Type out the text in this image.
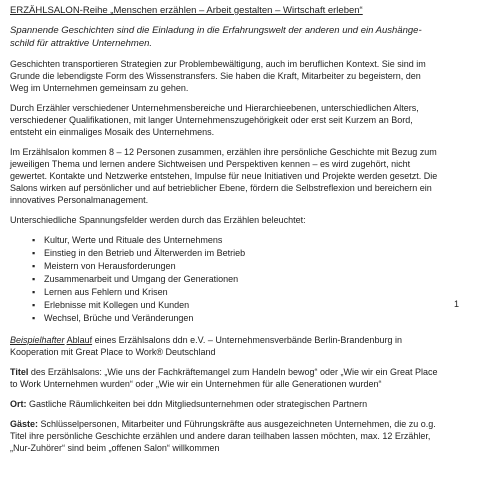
ERZÄHLSALON-Reihe „Menschen erzählen – Arbeit gestalten – Wirtschaft erleben“
Spannende Geschichten sind die Einladung in die Erfahrungswelt der anderen und ein Aushänge-schild für attraktive Unternehmen.

Geschichten transportieren Strategien zur Problembewältigung, auch im beruflichen Kontext. Sie sind im Grunde die lebendigste Form des Wissenstransfers. Sie haben die Kraft, Mitarbeiter zu begeistern, den Weg im Unternehmen gemeinsam zu gehen.

Durch Erzähler verschiedener Unternehmensbereiche und Hierarchieebenen, unterschiedlichen Alters, verschiedener Qualifikationen, mit langer Unternehmenszugehörigkeit oder erst seit Kurzem an Bord, entsteht ein einmaliges Mosaik des Unternehmens.

Im Erzählsalon kommen 8 – 12 Personen zusammen, erzählen ihre persönliche Geschichte mit Bezug zum jeweiligen Thema und lernen andere Sichtweisen und Perspektiven kennen – es wird zugehört, nicht gewertet. Kontakte und Netzwerke entstehen, Impulse für neue Initiativen und Projekte werden gesetzt. Die Salons wirken auf persönlicher und auf betrieblicher Ebene, fördern die Selbstreflexion und bereichern ein innovatives Personalmanagement.

Unterschiedliche Spannungsfelder werden durch das Erzählen beleuchtet:

▪ Kultur, Werte und Rituale des Unternehmens
▪ Einstieg in den Betrieb und Älterwerden im Betrieb
▪ Meistern von Herausforderungen
▪ Zusammenarbeit und Umgang der Generationen
▪ Lernen aus Fehlern und Krisen
▪ Erlebnisse mit Kollegen und Kunden
▪ Wechsel, Brüche und Veränderungen

Beispielhafter Ablauf eines Erzählsalons ddn e.V. – Unternehmensverbände Berlin-Brandenburg in Kooperation mit Great Place to Work® Deutschland

Titel des Erzählsalons: „Wie uns der Fachkräftemangel zum Handeln bewog“ oder „Wie wir ein Great Place to Work Unternehmen wurden“ oder „Wie wir ein Unternehmen für alle Generationen wurden“

Ort: Gastliche Räumlichkeiten bei ddn Mitgliedsunternehmen oder strategischen Partnern

Gäste: Schlüsselpersonen, Mitarbeiter und Führungskräfte aus ausgezeichneten Unternehmen, die zu o.g. Titel ihre persönliche Geschichte erzählen und andere daran teilhaben lassen möchten, max. 12 Erzähler, „Nur-Zuhörer“ sind beim „offenen Salon“ willkommen

1
